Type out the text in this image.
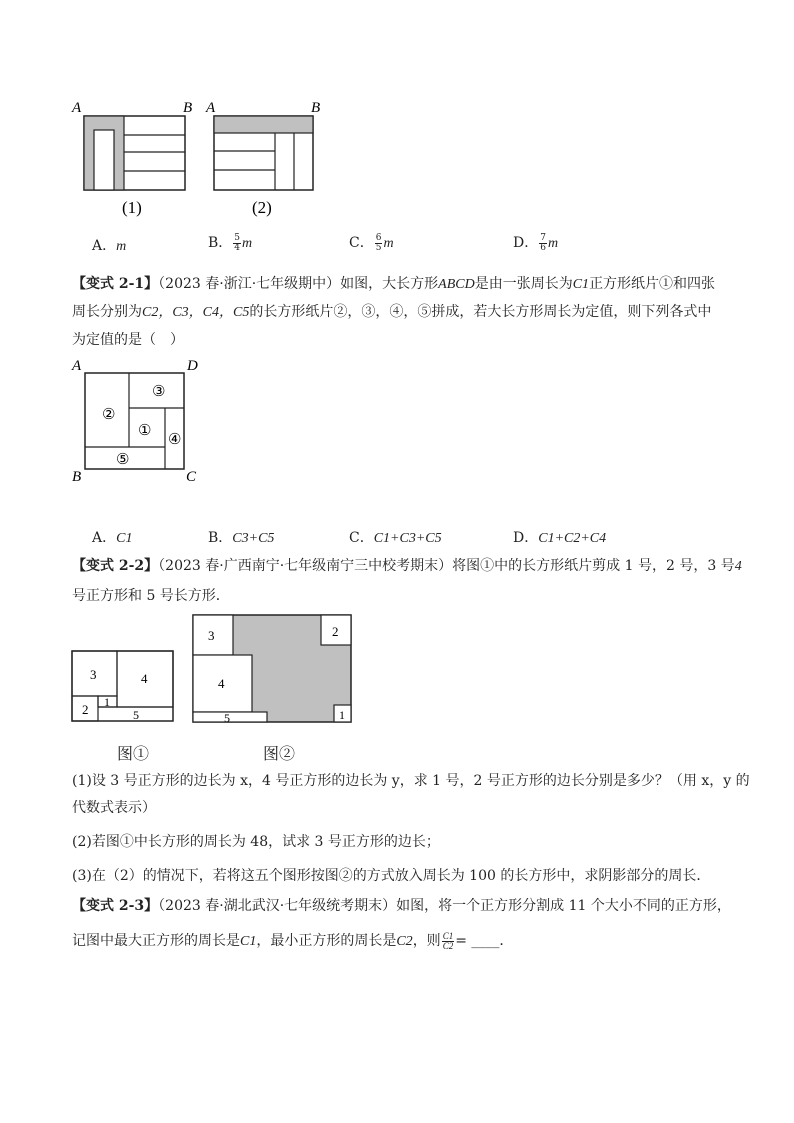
A	B
(1)
A	B
(2)
A．m	B． $\frac{5}{4}$ m	C． $\frac{6}{5}$ m	D． $\frac{7}{6}$ m
【变式 2-1】（2023 春·浙江·七年级期中）如图，大长方形ABCD是由一张周长为C1正方形纸片①和四张
周长分别为C2，C3，C4，C5的长方形纸片②，③，④，⑤拼成，若大长方形周长为定值，则下列各式中
为定值的是（　）
A	D
B	C
②
③
①
④
⑤
A．C1	B．C3+C5	C．C1+C3+C5	D．C1+C2+C4
【变式 2-2】（2023 春·广西南宁·七年级南宁三中校考期末）将图①中的长方形纸片剪成 1 号，2 号，3 号4
号正方形和 5 号长方形．
3	4
1
2	5
3	2
4
5	1
图①	图②
(1)设 3 号正方形的边长为 x，4 号正方形的边长为 y，求 1 号，2 号正方形的边长分别是多少？（用 x，y 的
代数式表示）
(2)若图①中长方形的周长为 48，试求 3 号正方形的边长；
(3)在（2）的情况下，若将这五个图形按图②的方式放入周长为 100 的长方形中，求阴影部分的周长．
【变式 2-3】（2023 春·湖北武汉·七年级统考期末）如图，将一个正方形分割成 11 个大小不同的正方形，
记图中最大正方形的周长是C1，最小正方形的周长是C2，则 $\frac{C1}{C2}$ = ____．
